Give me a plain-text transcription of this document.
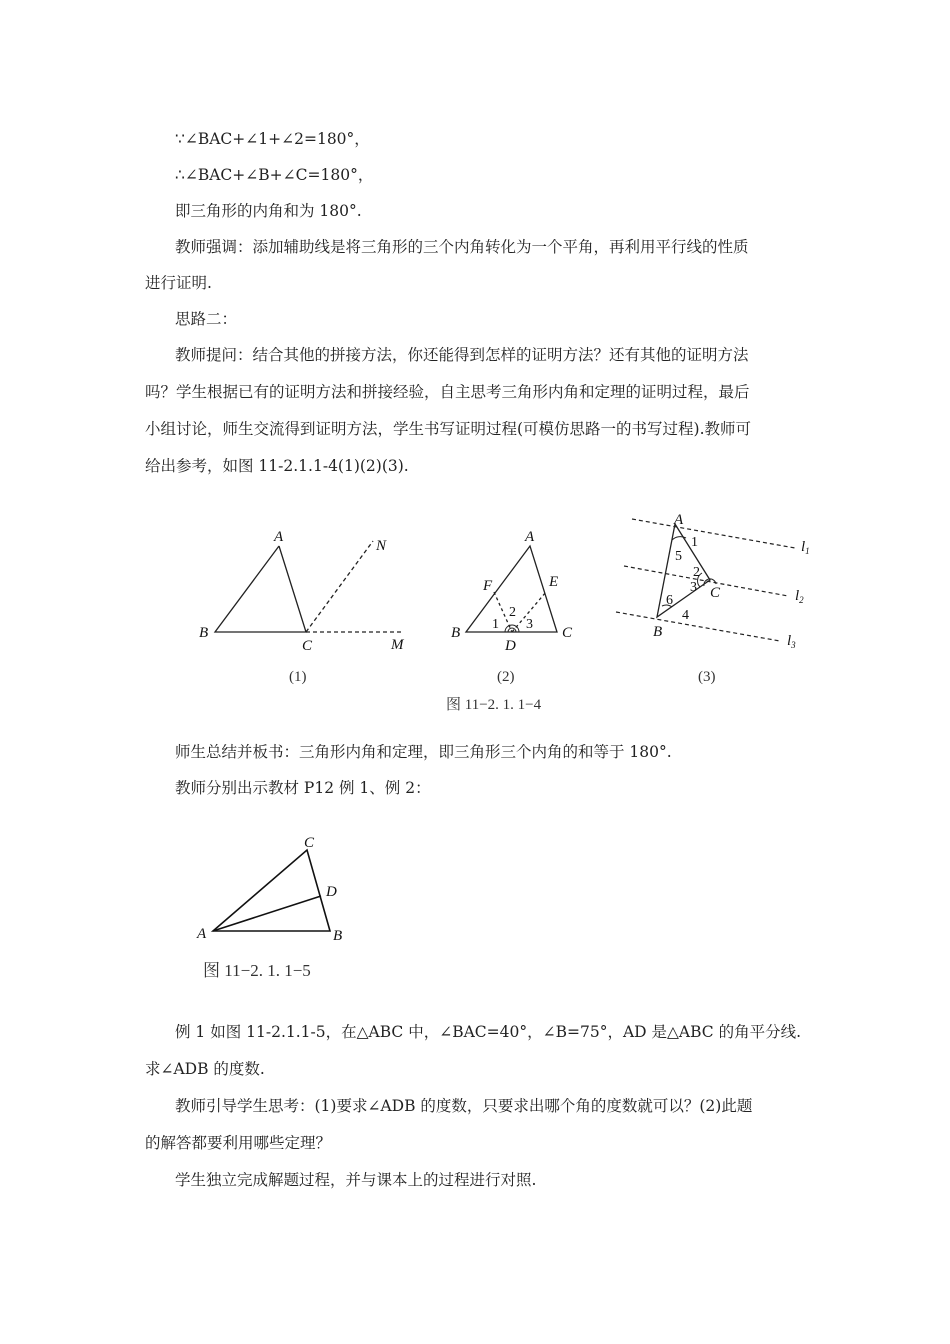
∵∠BAC+∠1+∠2=180°，
∴∠BAC+∠B+∠C=180°，
即三角形的内角和为 180°.
教师强调：添加辅助线是将三角形的三个内角转化为一个平角，再利用平行线的性质
进行证明.
思路二：
教师提问：结合其他的拼接方法，你还能得到怎样的证明方法？还有其他的证明方法
吗？学生根据已有的证明方法和拼接经验，自主思考三角形内角和定理的证明过程，最后
小组讨论，师生交流得到证明方法，学生书写证明过程(可模仿思路一的书写过程).教师可
给出参考，如图 11-2.1.1-4(1)(2)(3).
A
B
C
N
M
(1)
A
B	C
D
E
F
1
2
3
(2)
A
B
C
1
2
3
4
5
6
$l_1$
$l_2$
$l_3$
(3)
图 11−2. 1. 1−4
C
D
A	B
图 11−2. 1. 1−5
师生总结并板书：三角形内角和定理，即三角形三个内角的和等于 180°.
教师分别出示教材 P12 例 1、例 2：
例 1 如图 11-2.1.1-5，在△ABC 中，∠BAC=40°，∠B=75°，AD 是△ABC 的角平分线.
求∠ADB 的度数.
教师引导学生思考：(1)要求∠ADB 的度数，只要求出哪个角的度数就可以？(2)此题
的解答都要利用哪些定理？
学生独立完成解题过程，并与课本上的过程进行对照.
